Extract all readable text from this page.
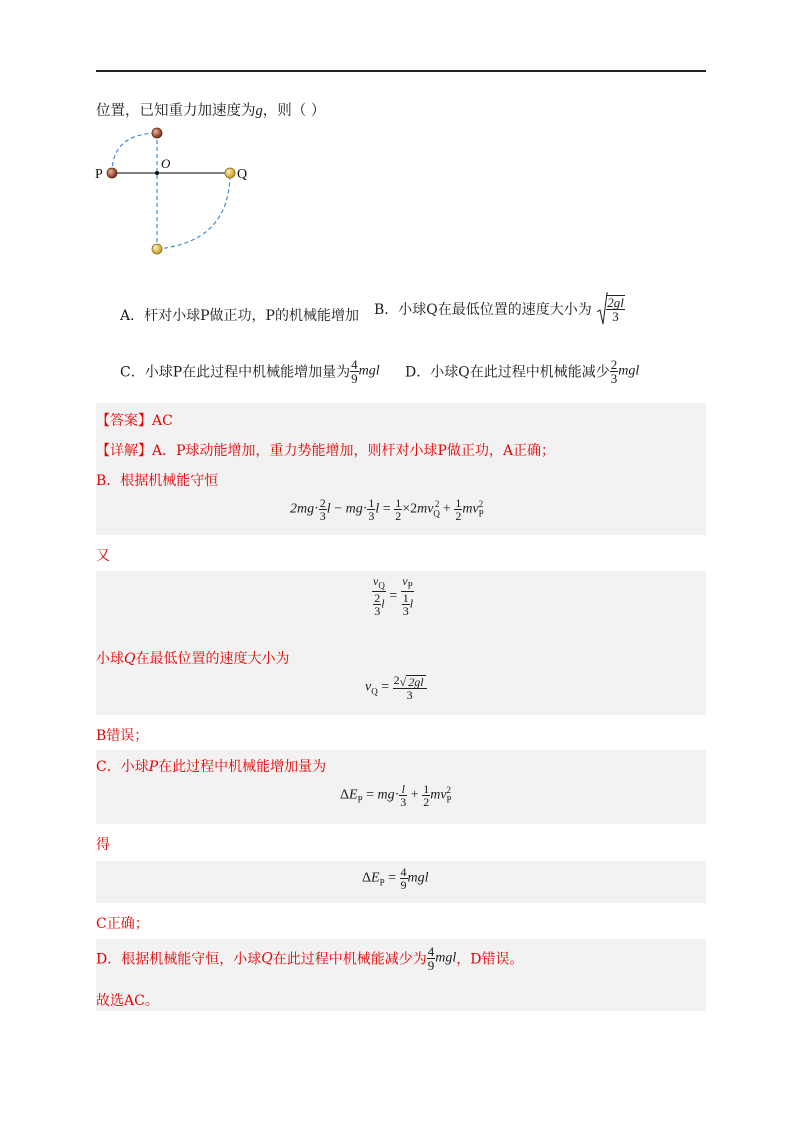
位置，已知重力加速度为g，则（ ）
P	Q
O
A．杆对小球P做正功，P的机械能增加 B．小球Q在最低位置的速度大小为 $\frac{2gl}{3}$
C．小球P在此过程中机械能增加量为 $\frac{4}{9}$ mgl D．小球Q在此过程中机械能减少 $\frac{2}{3}$ mgl
【答案】AC
【详解】A．P球动能增加，重力势能增加，则杆对小球P做正功，A正确；
B．根据机械能守恒
$2mg\cdot \frac{2}{3}$ $l - mg\cdot \frac{1}{3}$ $l = \frac{1}{2} \times 2mv_Q^2 + \frac{1}{2} mv_P^2$
又
$\frac{v_Q}{\frac{2}{3} l} = \frac{v_P}{\frac{1}{3} l}$
小球Q在最低位置的速度大小为
$v_Q = \frac{2√ 2gl}{3}$
B错误；
C．小球P在此过程中机械能增加量为
$\Delta E_P = mg\cdot \frac{l}{3} + \frac{1}{2} mv_P^2$
得
$\Delta E_P = \frac{4}{9}$ mgl
C正确；
D．根据机械能守恒，小球Q在此过程中机械能减少为 $\frac{4}{9}$ mgl，D错误。
故选AC。
